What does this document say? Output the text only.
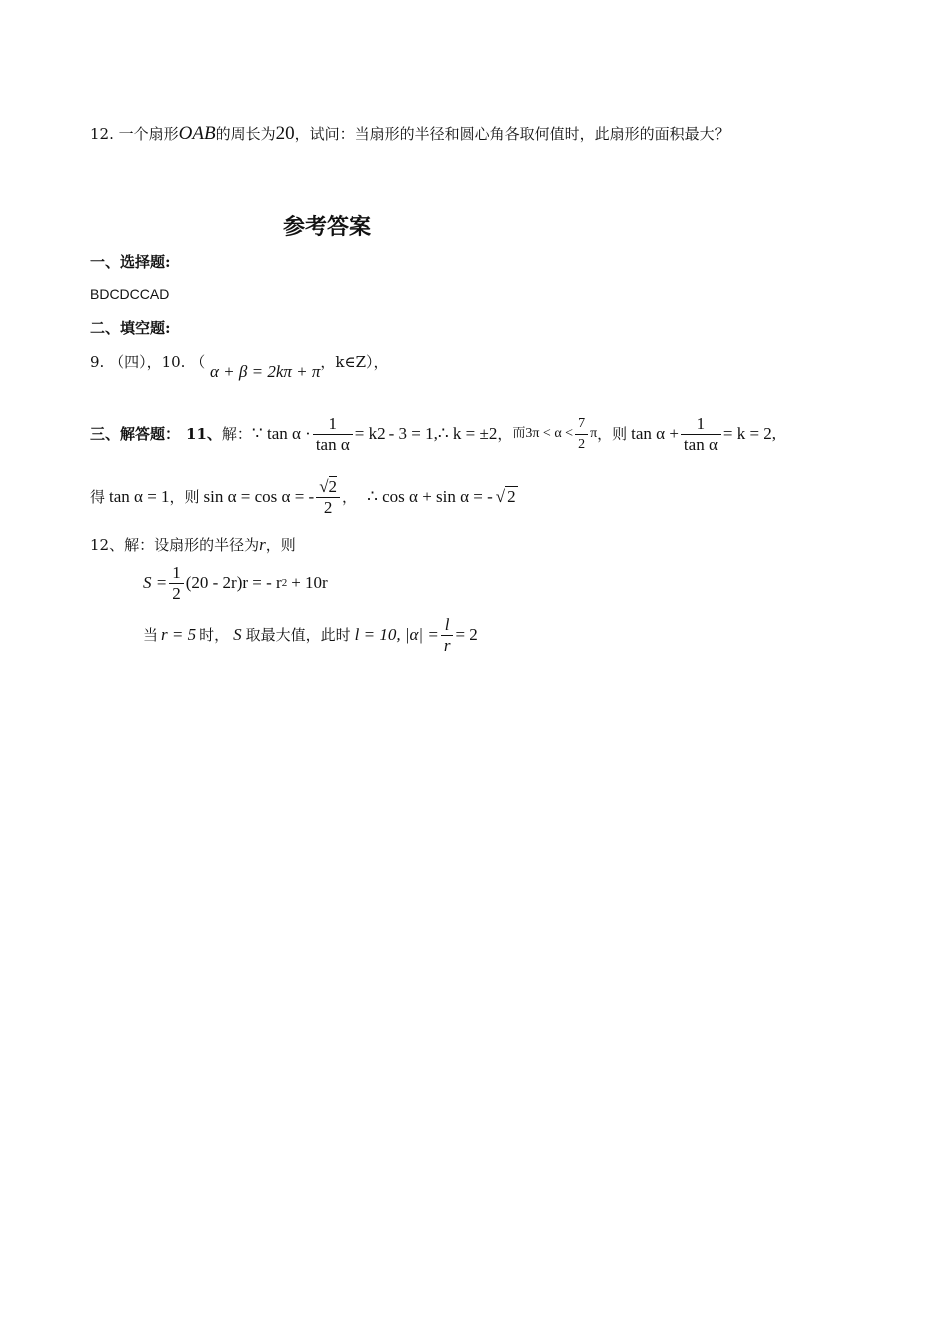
12. 一个扇形OAB的周长为20，试问：当扇形的半径和圆心角各取何值时，此扇形的面积最大？
参考答案
一、选择题:
BDCDCCAD
二、填空题:
9. （四），10. （ α + β = 2kπ + π，k∈Z），
三、解答题： 11、 解： ∵ $\tan \alpha \cdot \frac{1}{\text{tan α}} = k$ 2 - 3 = 1,∴ k = ±2 ， 而 $3\pi < \alpha < \frac{7}{2}$ π ，则 $\tan \alpha + \frac{1}{\text{tan α}} = k = 2$,
得 tan α = 1 ，则 sin α = cos α = - $\frac{√2}{2}$ ， ∴ cos α + sin α = - √ 2
12、解：设扇形的半径为r，则
$S = \frac{1}{2} (20 - 2r)r$ = - r 2 + 10r
当 r = 5 时， S 取最大值，此时 l = 10, $|\alpha| = \frac{l}{r} = 2$
